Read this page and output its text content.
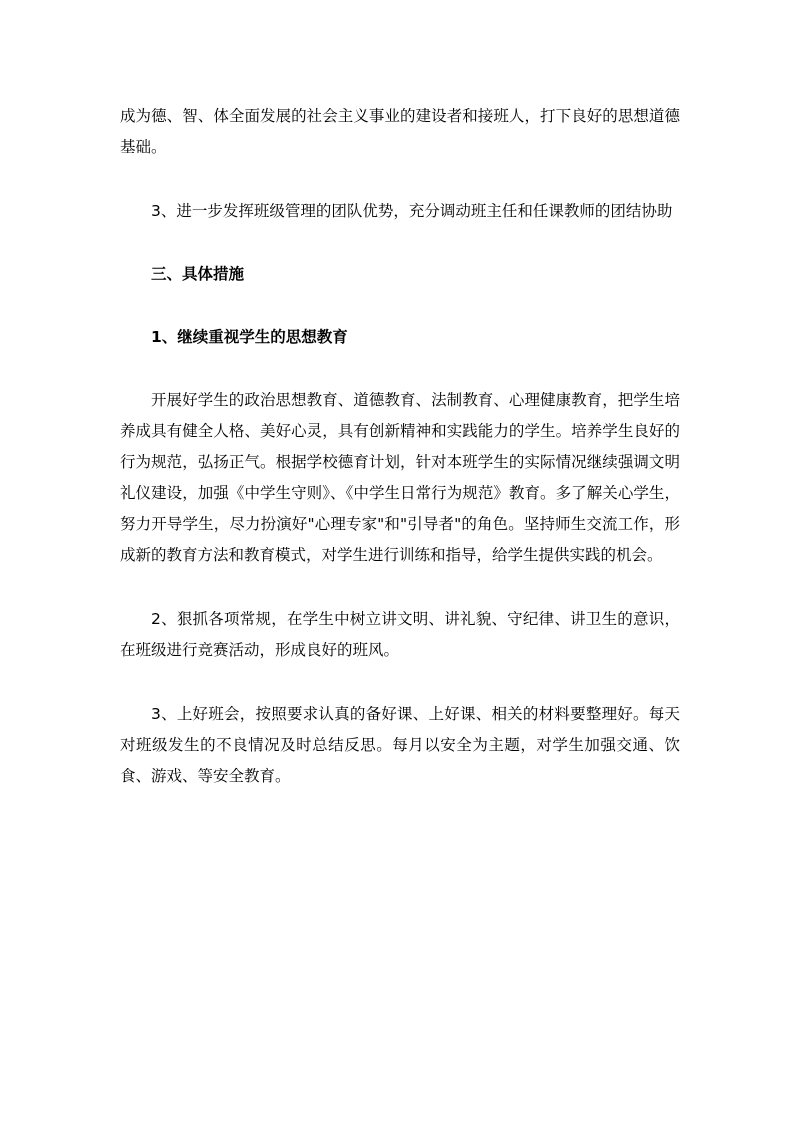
成为德、智、体全面发展的社会主义事业的建设者和接班人，打下良好的思想道德基础。

3、进一步发挥班级管理的团队优势，充分调动班主任和任课教师的团结协助

三、具体措施

1、继续重视学生的思想教育

开展好学生的政治思想教育、道德教育、法制教育、心理健康教育，把学生培养成具有健全人格、美好心灵，具有创新精神和实践能力的学生。培养学生良好的行为规范，弘扬正气。根据学校德育计划，针对本班学生的实际情况继续强调文明礼仪建设，加强《中学生守则》、《中学生日常行为规范》教育。多了解关心学生，努力开导学生，尽力扮演好"心理专家"和"引导者"的角色。坚持师生交流工作，形成新的教育方法和教育模式，对学生进行训练和指导，给学生提供实践的机会。

2、狠抓各项常规，在学生中树立讲文明、讲礼貌、守纪律、讲卫生的意识，在班级进行竞赛活动，形成良好的班风。

3、上好班会，按照要求认真的备好课、上好课、相关的材料要整理好。每天对班级发生的不良情况及时总结反思。每月以安全为主题，对学生加强交通、饮食、游戏、等安全教育。
